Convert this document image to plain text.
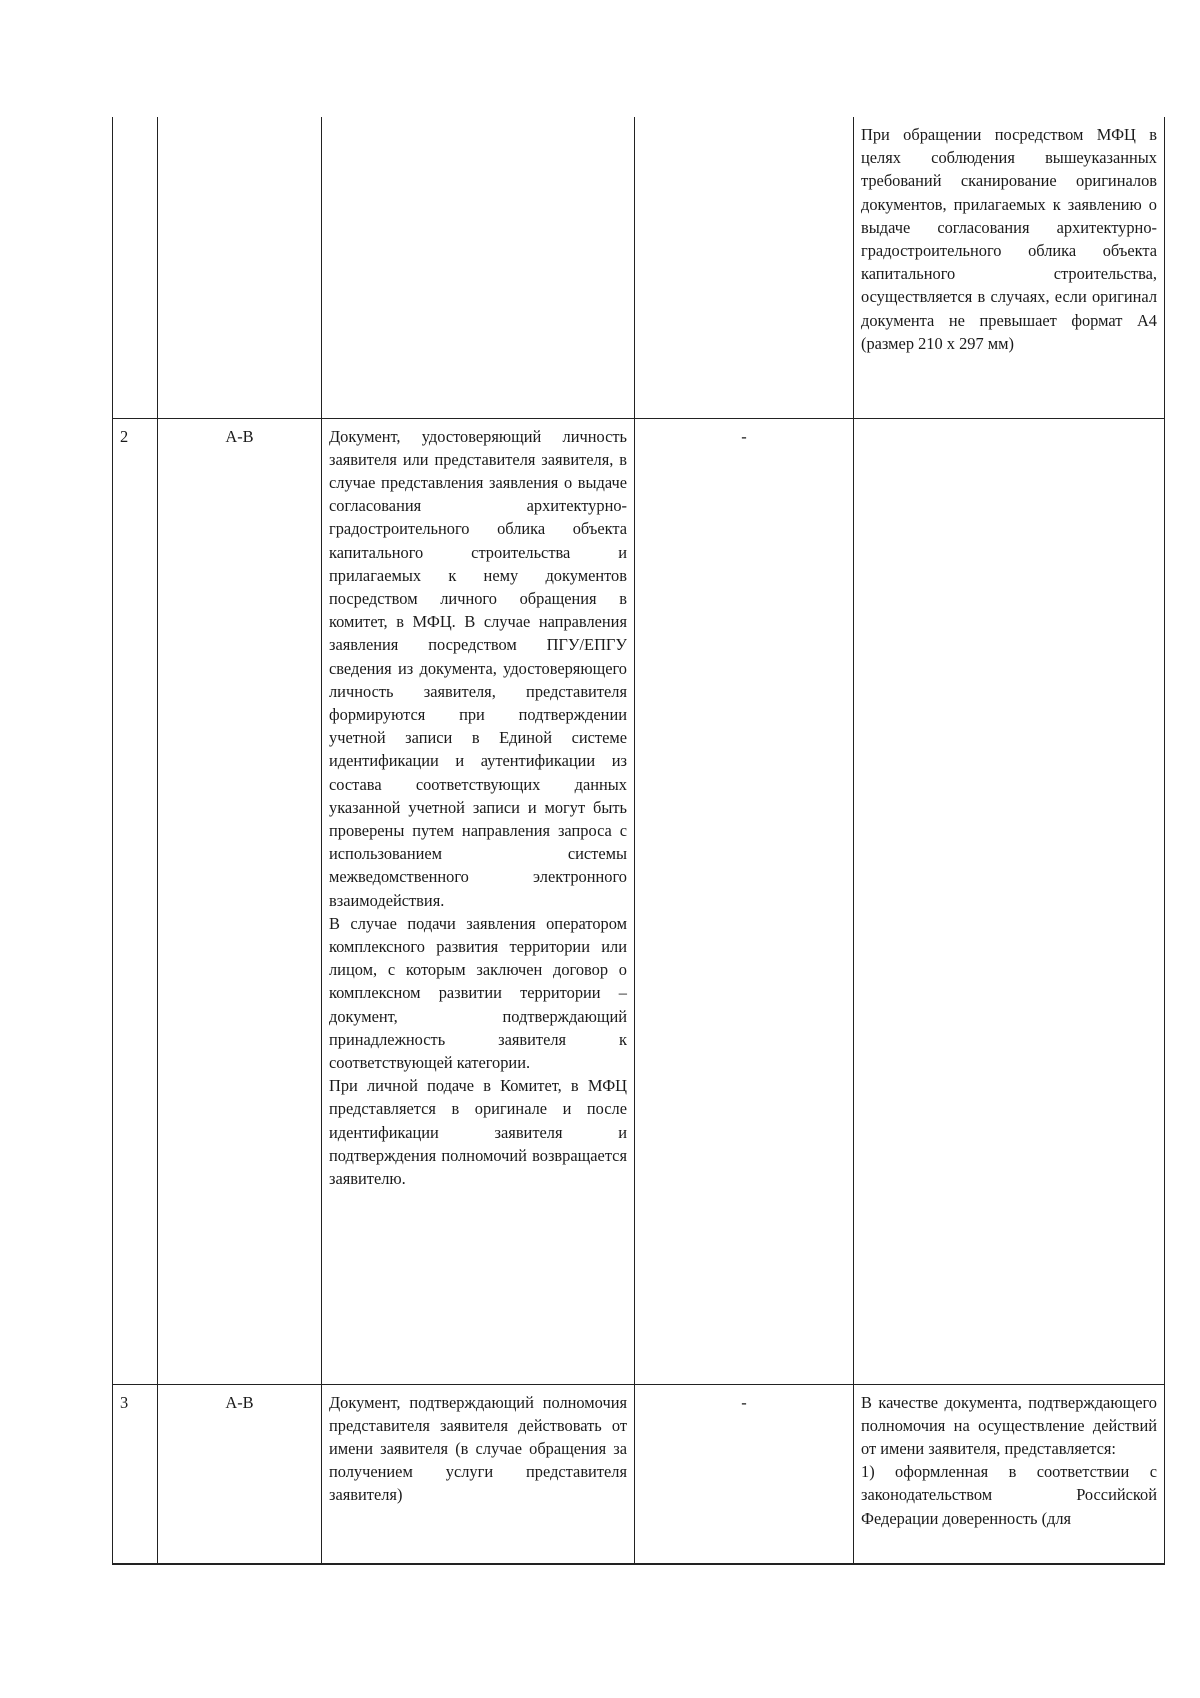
				При обращении посредством МФЦ в целях соблюдения вышеуказанных требований сканирование оригиналов документов, прилагаемых к заявлению о выдаче согласования архитектурно-градостроительного облика объекта капитального строительства, осуществляется в случаях, если оригинал документа не превышает формат А4 (размер 210 х 297 мм)

2	А-В	Документ, удостоверяющий личность заявителя или представителя заявителя, в случае представления заявления о выдаче согласования архитектурно-градостроительного облика объекта капитального строительства и прилагаемых к нему документов посредством личного обращения в комитет, в МФЦ. В случае направления заявления посредством ПГУ/ЕПГУ сведения из документа, удостоверяющего личность заявителя, представителя формируются при подтверждении учетной записи в Единой системе идентификации и аутентификации из состава соответствующих данных указанной учетной записи и могут быть проверены путем направления запроса с использованием системы межведомственного электронного взаимодействия.

В случае подачи заявления оператором комплексного развития территории или лицом, с которым заключен договор о комплексном развитии территории – документ, подтверждающий принадлежность заявителя к соответствующей категории.

При личной подаче в Комитет, в МФЦ представляется в оригинале и после идентификации заявителя и подтверждения полномочий возвращается заявителю.	-	
3	А-В	Документ, подтверждающий полномочия представителя заявителя действовать от имени заявителя (в случае обращения за получением услуги представителя заявителя)	-	В качестве документа, подтверждающего полномочия на осуществление действий от имени заявителя, представляется:

1) оформленная в соответствии с законодательством Российской Федерации доверенность (для
